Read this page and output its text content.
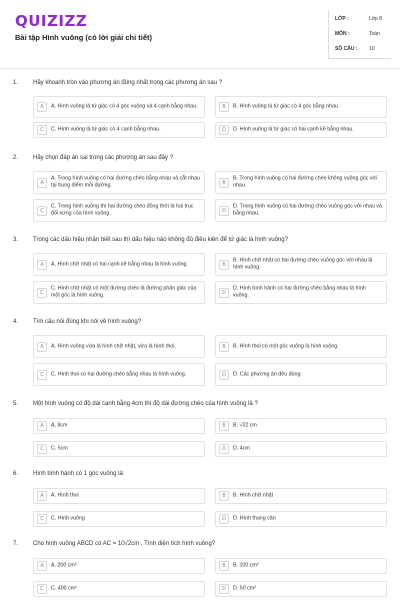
QUIZIZZ
Bài tập Hình vuông (có lời giải chi tiết)
LỚP :	Lớp 8
MÔN :	Toán
SỐ CÂU : 10
1. Hãy khoanh tròn vào phương án đúng nhất trong các phương án sau ?
A	A. Hình vuông là tứ giác có 4 góc vuông và 4 cạnh bằng nhau.	B	B. Hình vuông là tứ giác có 4 góc bằng nhau.
C	C. Hình vuông là tứ giác có 4 cạnh bằng nhau.	D	D. Hình vuông là tứ giác có hai cạnh kề bằng nhau.
2. Hãy chọn đáp án sai trong các phương án sau đây ?
A
A. Trong hình vuông có hai đường chéo bằng nhau và cắt nhau tại trung điểm mỗi đường.	B
B. Trong hình vuông có hai đường chéo không vuông góc với nhau.
C
C. Trong hình vuông thì hai đường chéo đồng thời là hai trục đối xứng của hình vuông.	D
D. Trong hình vuông có hai đường chéo vuông góc với nhau và bằng nhau.
3. Trong các dấu hiệu nhận biết sau thì dấu hiệu nào không đủ điều kiện để tứ giác là hình vuông?
A	A. Hình chữ nhật có hai cạnh kề bằng nhau là hình vuông.	B
B. Hình chữ nhật có hai đường chéo vuông góc với nhau là hình vuông.
C
C. Hình chữ nhật có một đường chéo là đường phân giác của một góc là hình vuông.	D
D. Hình bình hành có hai đường chéo bằng nhau là hình vuông.
4. Tìm câu nói đúng khi nói về hình vuông?
A	A. Hình vuông vừa là hình chữ nhật, vừa là hình thoi.	B	B. Hình thoi có một góc vuông là hình vuông.
C	C. Hình thoi có hai đường chéo bằng nhau là hình vuông.	D	D. Các phương án đều đúng.
5. Một hình vuông có độ dài cạnh bằng 4cm thì độ dài đường chéo của hình vuông là ?
A	A. 8cm	B	B. √32 cm
C	C. 5cm	D	D. 4cm
6. Hình bình hành có 1 góc vuông là:
A	A. Hình thoi	B	B. Hình chữ nhật
C	C. Hình vuông	D	D. Hình thang cân
7. Cho hình vuông ABCD có AC = 10√2cm . Tính diện tích hình vuông?
A	A. 200 cm²	B	B. 100 cm²
C	C. 400 cm²	D	D. 50 cm²
